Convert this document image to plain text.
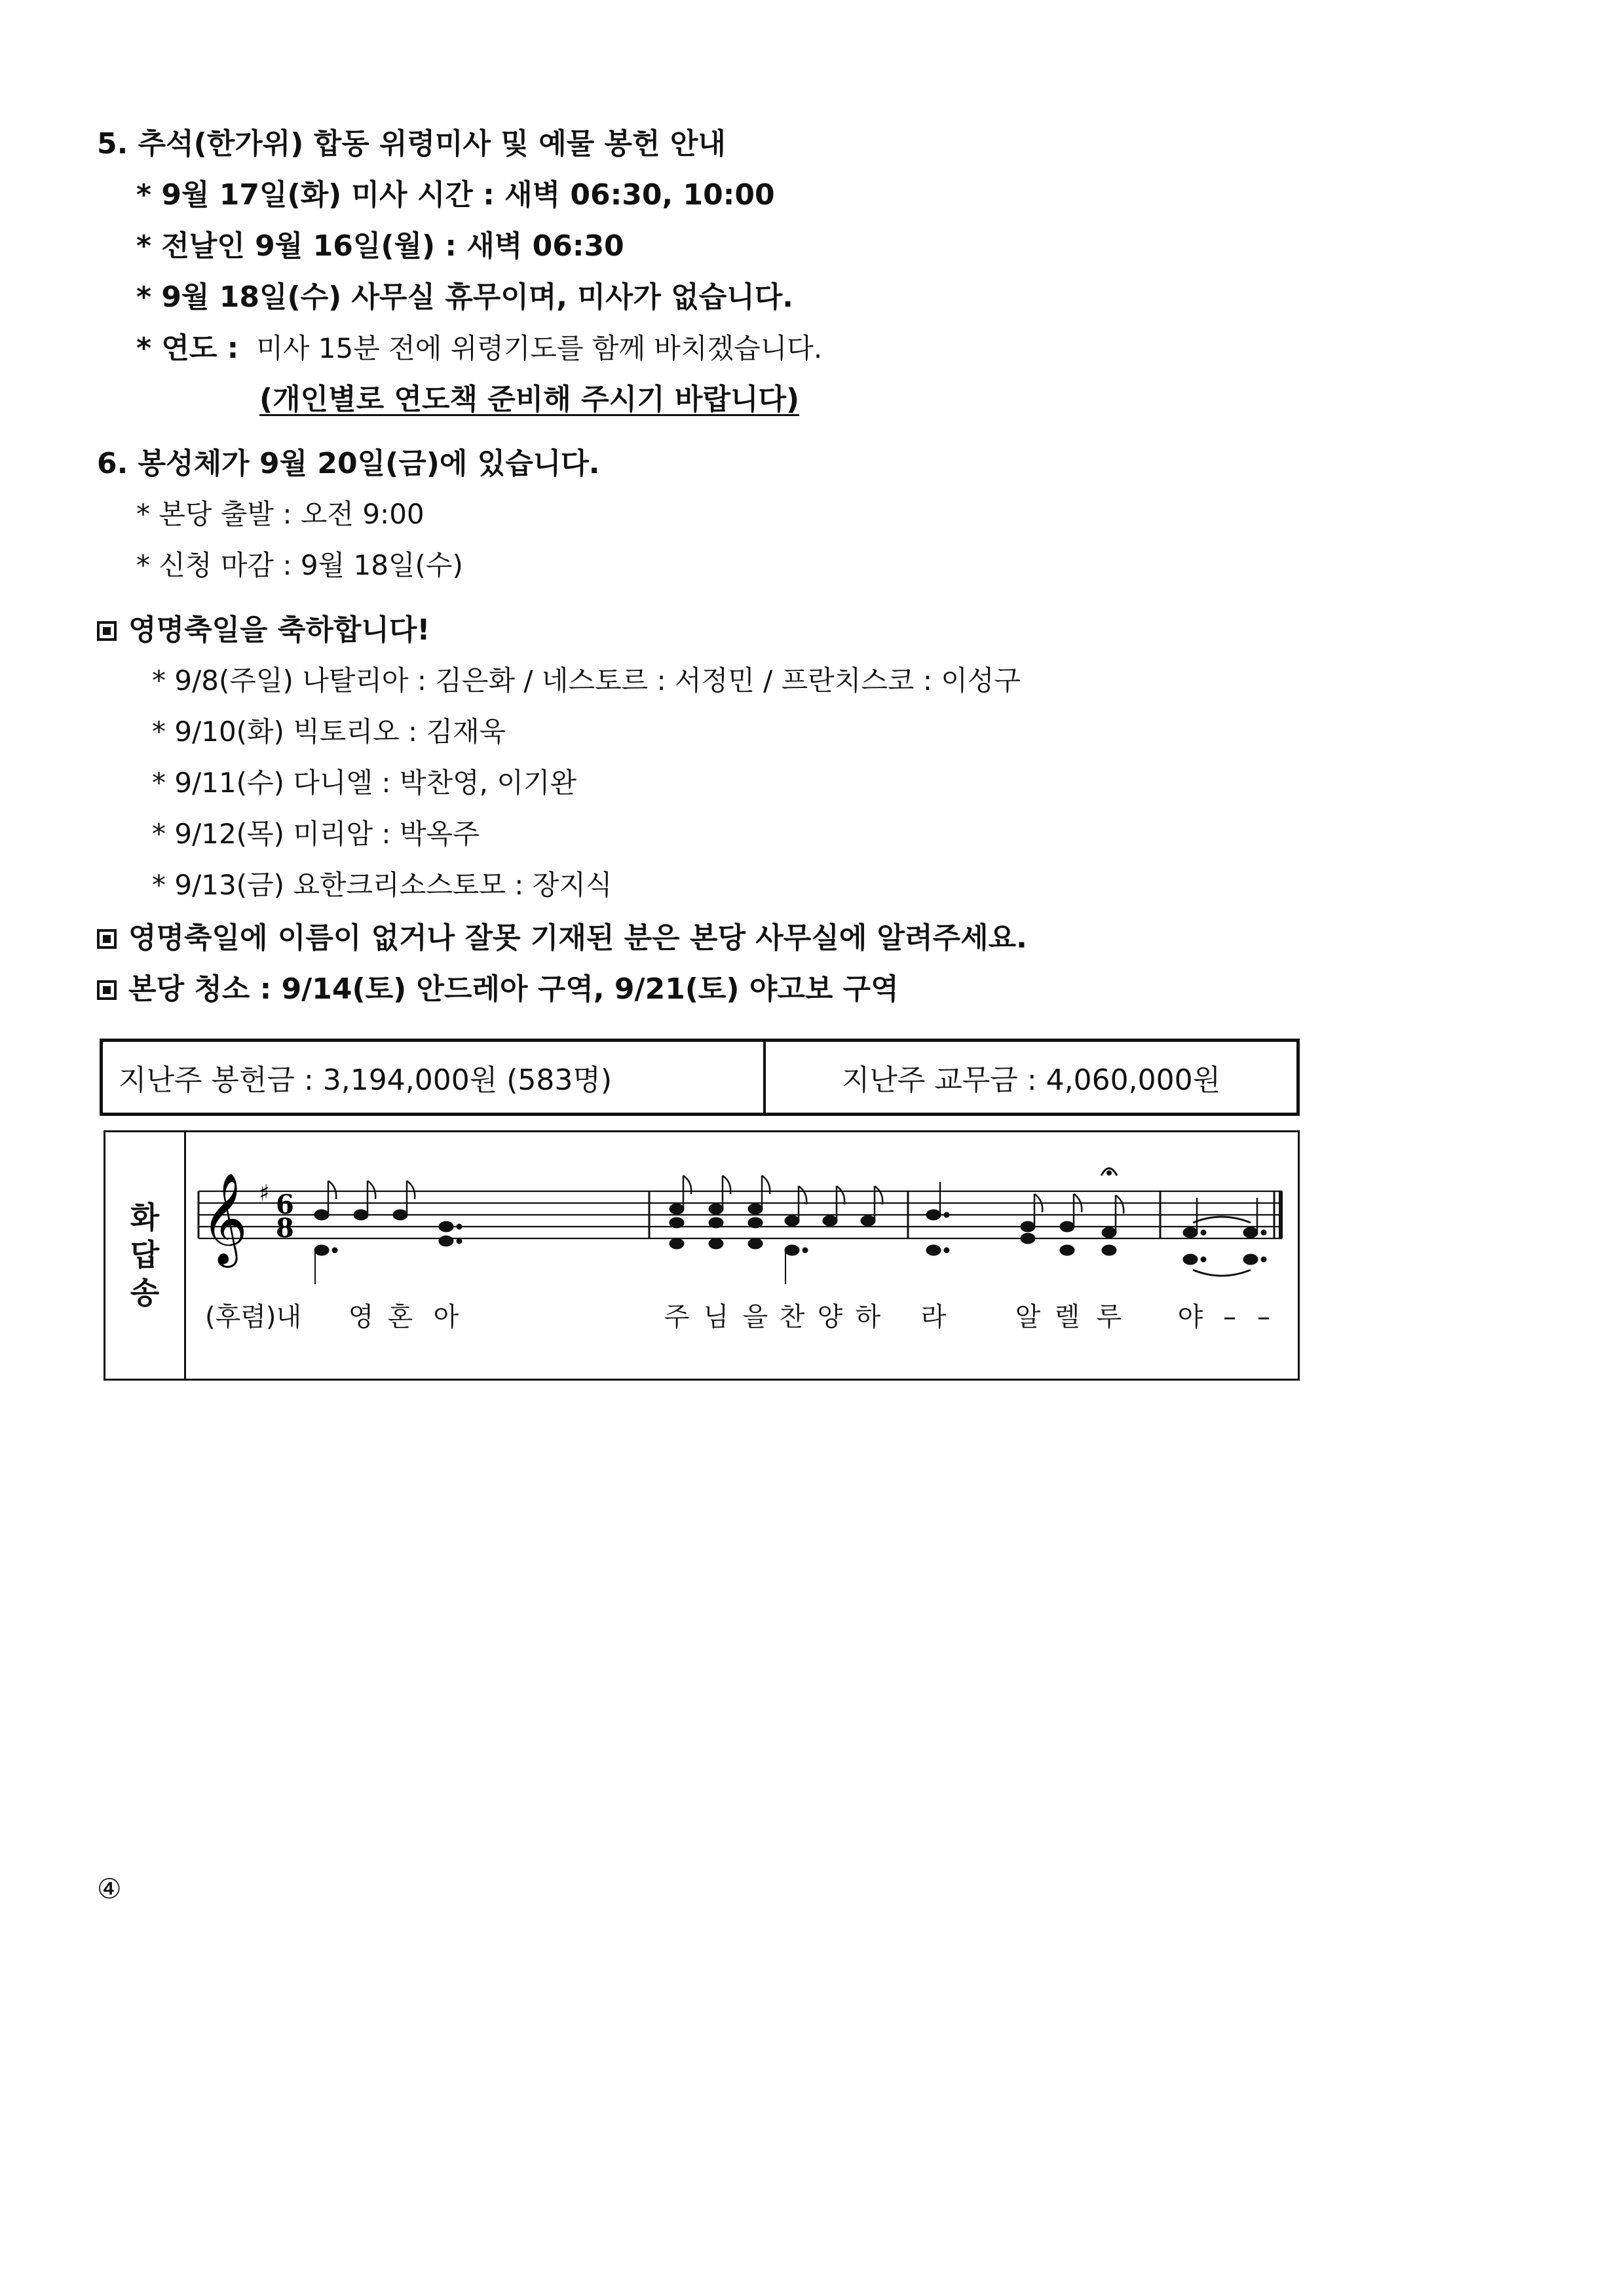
5. 추석(한가위) 합동 위령미사 및 예물 봉헌 안내
* 9월 17일(화) 미사 시간 : 새벽 06:30, 10:00
* 전날인 9월 16일(월) : 새벽 06:30
* 9월 18일(수) 사무실 휴무이며, 미사가 없습니다.
* 연도 : 미사 15분 전에 위령기도를 함께 바치겠습니다.
(개인별로 연도책 준비해 주시기 바랍니다)
6. 봉성체가 9월 20일(금)에 있습니다.
* 본당 출발 : 오전 9:00
* 신청 마감 : 9월 18일(수)
영명축일을 축하합니다!
* 9/8(주일) 나탈리아 : 김은화 / 네스토르 : 서정민 / 프란치스코 : 이성구
* 9/10(화) 빅토리오 : 김재욱
* 9/11(수) 다니엘 : 박찬영, 이기완
* 9/12(목) 미리암 : 박옥주
* 9/13(금) 요한크리소스토모 : 장지식
영명축일에 이름이 없거나 잘못 기재된 분은 본당 사무실에 알려주세요.
본당 청소 : 9/14(토) 안드레아 구역, 9/21(토) 야고보 구역
지난주 봉헌금 : 3,194,000원 (583명)	지난주 교무금 : 4,060,000원
화
답
송
𝄞 ♯ 6
8
(후렴)내 영 혼 아	주 님 을 찬 양 하 라	알 렐 루 야 – –
④
